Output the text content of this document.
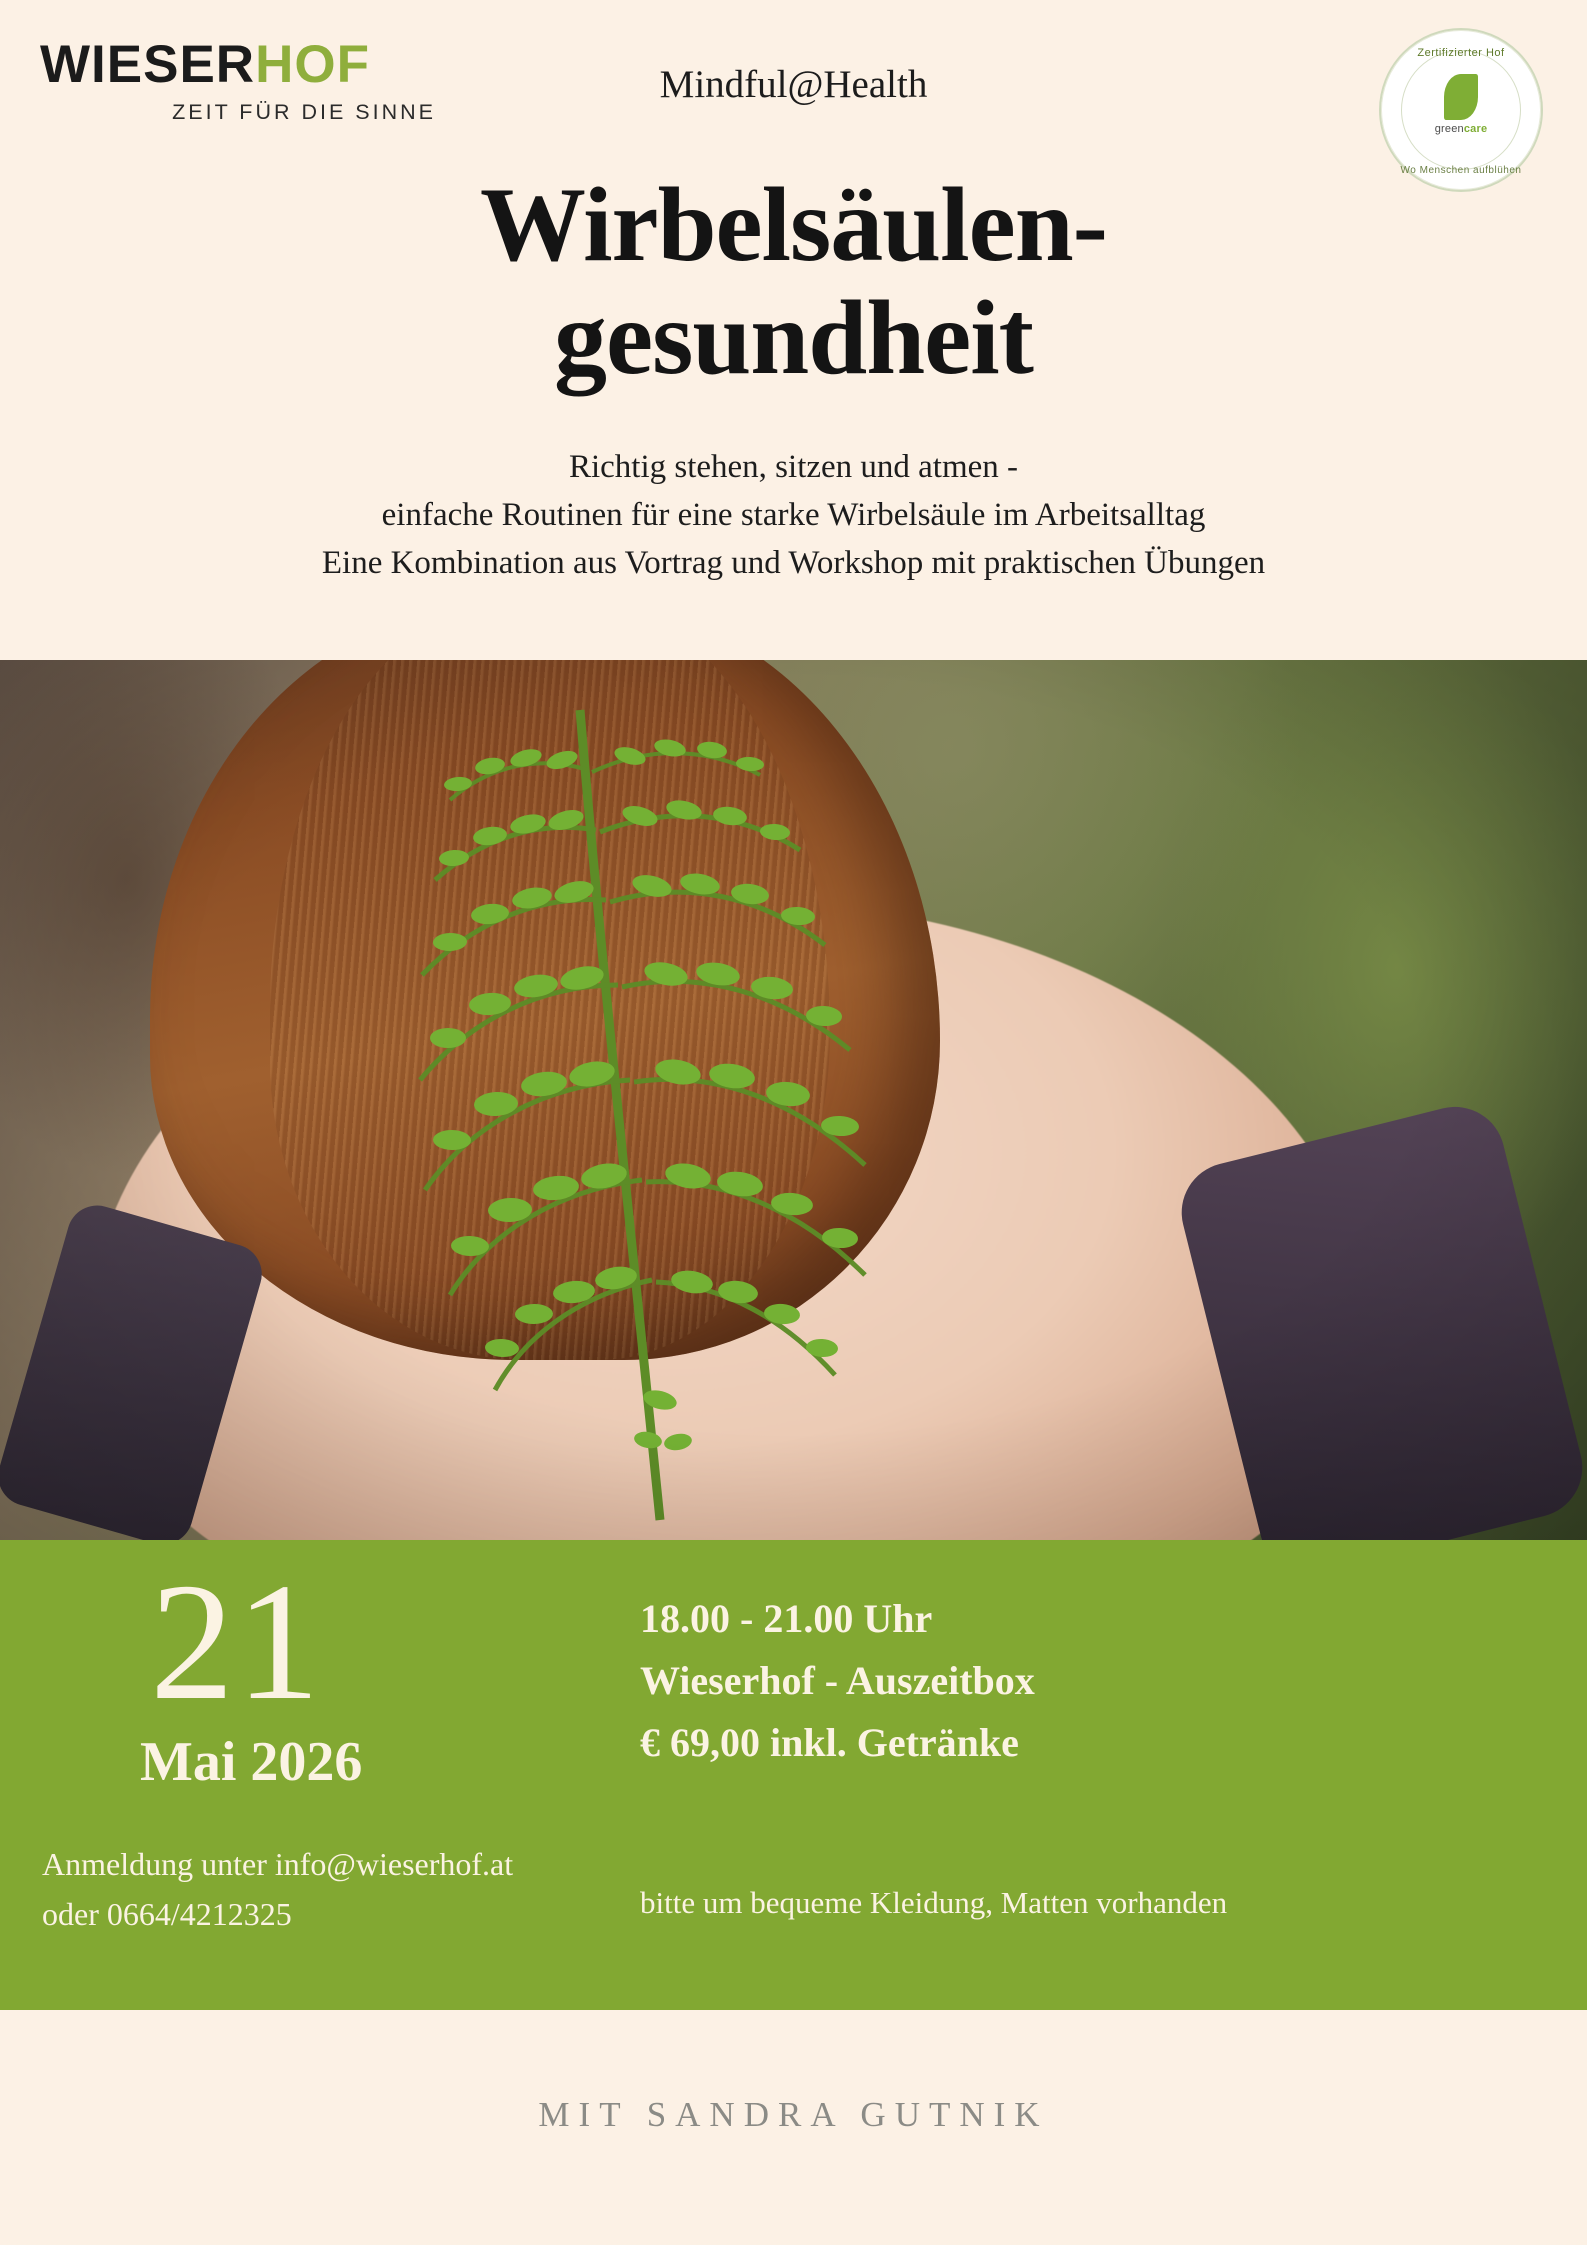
WIESERHOF
ZEIT FÜR DIE SINNE
Mindful@Health
Zertifizierter Hof
greencare
Wo Menschen aufblühen
Wirbelsäulen-
gesundheit
Richtig stehen, sitzen und atmen -
einfache Routinen für eine starke Wirbelsäule im Arbeitsalltag
Eine Kombination aus Vortrag und Workshop mit praktischen Übungen
21
Mai 2026
Anmeldung unter info@wieserhof.at
oder 0664/4212325
18.00 - 21.00 Uhr
Wieserhof - Auszeitbox
€ 69,00 inkl. Getränke
bitte um bequeme Kleidung, Matten vorhanden
MIT SANDRA GUTNIK
